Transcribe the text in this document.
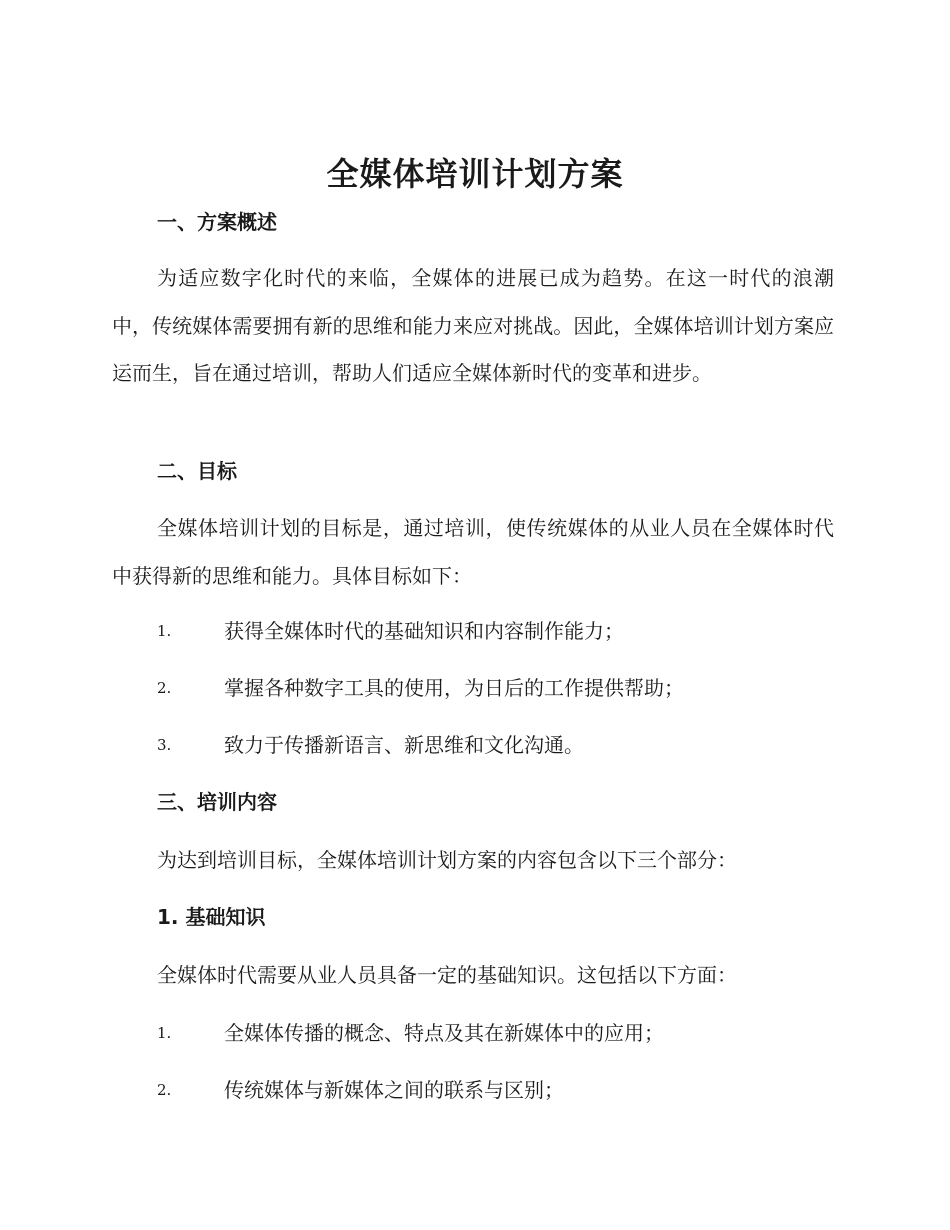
全媒体培训计划方案
一、方案概述

为适应数字化时代的来临，全媒体的进展已成为趋势。在这一时代的浪潮中，传统媒体需要拥有新的思维和能力来应对挑战。因此，全媒体培训计划方案应运而生，旨在通过培训，帮助人们适应全媒体新时代的变革和进步。

二、目标

全媒体培训计划的目标是，通过培训，使传统媒体的从业人员在全媒体时代中获得新的思维和能力。具体目标如下：

1.	获得全媒体时代的基础知识和内容制作能力；
2.	掌握各种数字工具的使用，为日后的工作提供帮助；
3.	致力于传播新语言、新思维和文化沟通。
三、培训内容

为达到培训目标，全媒体培训计划方案的内容包含以下三个部分：

1. 基础知识

全媒体时代需要从业人员具备一定的基础知识。这包括以下方面：

1.	全媒体传播的概念、特点及其在新媒体中的应用；
2.	传统媒体与新媒体之间的联系与区别；
